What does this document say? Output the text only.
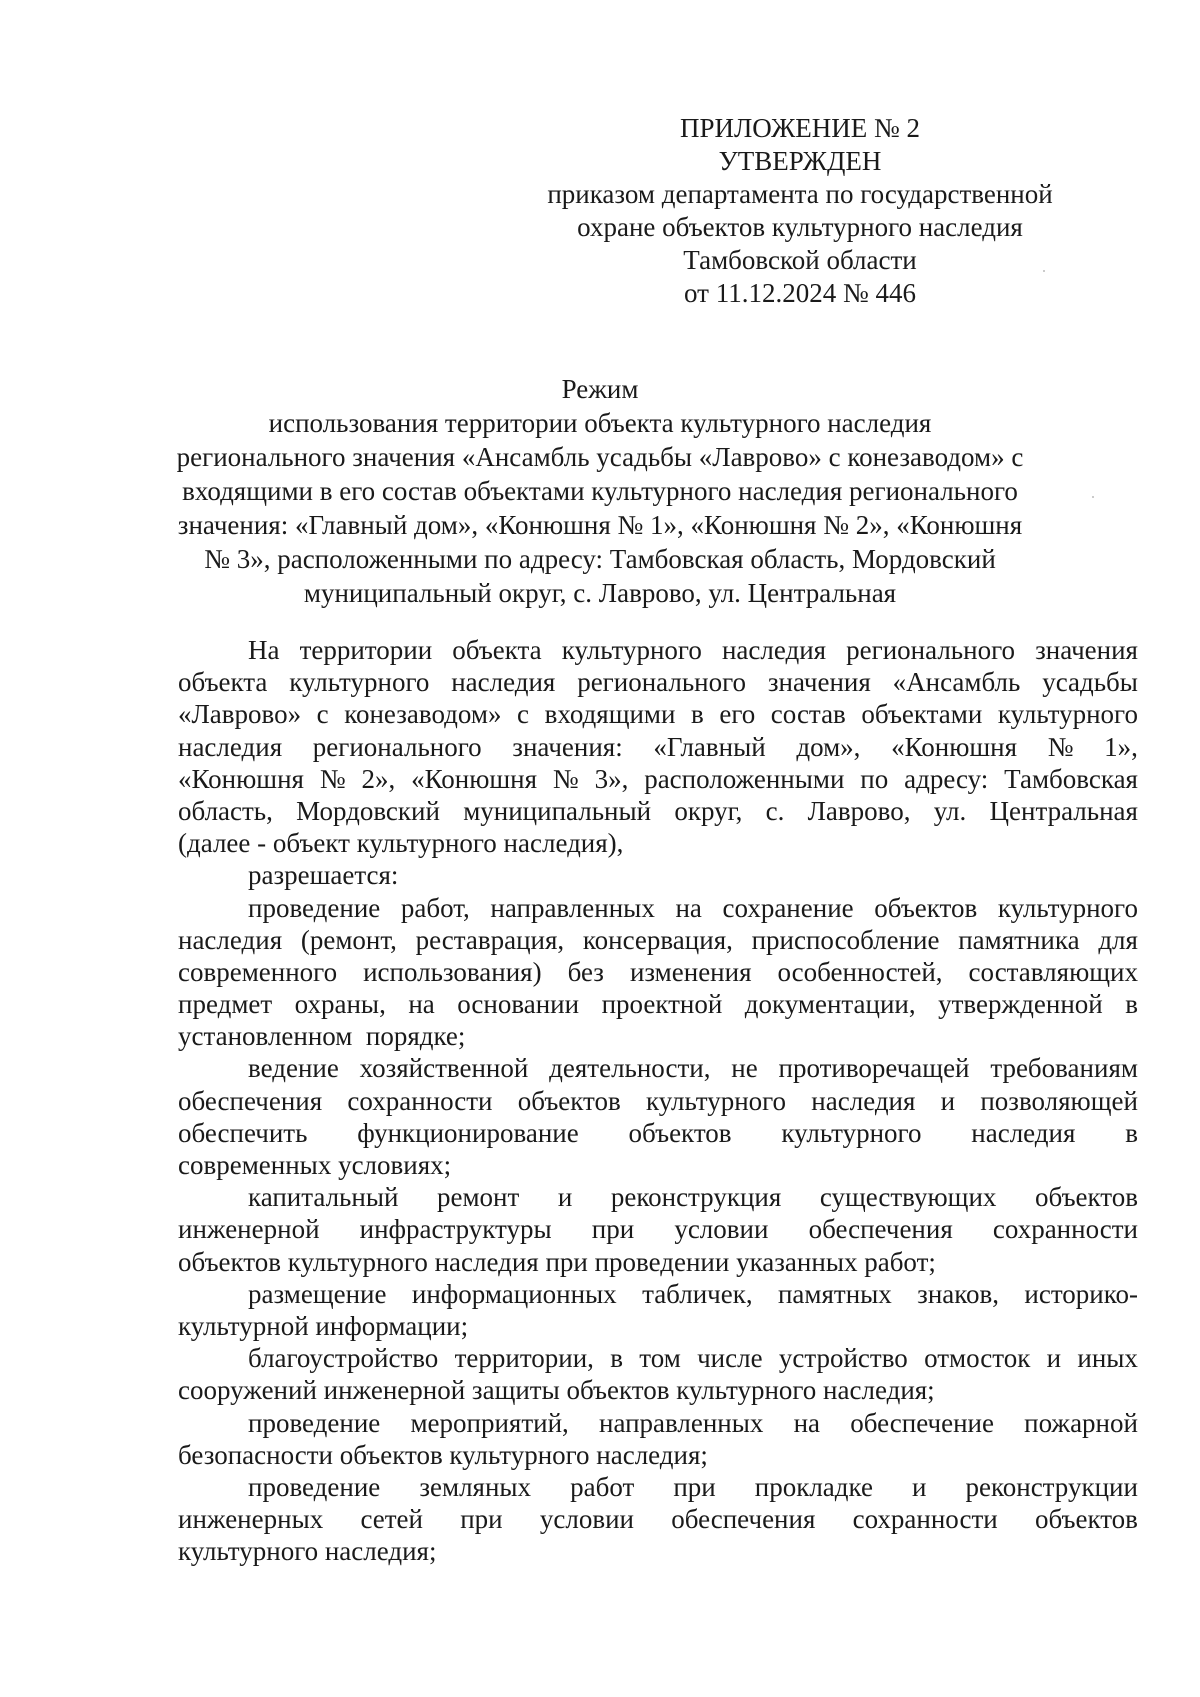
ПРИЛОЖЕНИЕ № 2
УТВЕРЖДЕН
приказом департамента по государственной
охране объектов культурного наследия
Тамбовской области
от 11.12.2024 № 446
Режим
использования территории объекта культурного наследия
регионального значения «Ансамбль усадьбы «Лаврово» с конезаводом» с
входящими в его состав объектами культурного наследия регионального
значения: «Главный дом», «Конюшня № 1», «Конюшня № 2», «Конюшня
№ 3», расположенными по адресу: Тамбовская область, Мордовский
муниципальный округ, с. Лаврово, ул. Центральная
На территории объекта культурного наследия регионального значения
объекта культурного наследия регионального значения «Ансамбль усадьбы
«Лаврово» с конезаводом» с входящими в его состав объектами культурного
наследия регионального значения: «Главный дом», «Конюшня № 1»,
«Конюшня № 2», «Конюшня № 3», расположенными по адресу: Тамбовская
область, Мордовский муниципальный округ, с. Лаврово, ул. Центральная
(далее - объект культурного наследия),
разрешается:
проведение работ, направленных на сохранение объектов культурного
наследия (ремонт, реставрация, консервация, приспособление памятника для
современного использования) без изменения особенностей, составляющих
предмет охраны, на основании проектной документации, утвержденной в
установленном  порядке;
ведение хозяйственной деятельности, не противоречащей требованиям
обеспечения сохранности объектов культурного наследия и позволяющей
обеспечить функционирование объектов культурного наследия в
современных условиях;
капитальный ремонт и реконструкция существующих объектов
инженерной инфраструктуры при условии обеспечения сохранности
объектов культурного наследия при проведении указанных работ;
размещение информационных табличек, памятных знаков, историко-
культурной информации;
благоустройство территории, в том числе устройство отмосток и иных
сооружений инженерной защиты объектов культурного наследия;
проведение мероприятий, направленных на обеспечение пожарной
безопасности объектов культурного наследия;
проведение земляных работ при прокладке и реконструкции
инженерных сетей при условии обеспечения сохранности объектов
культурного наследия;
